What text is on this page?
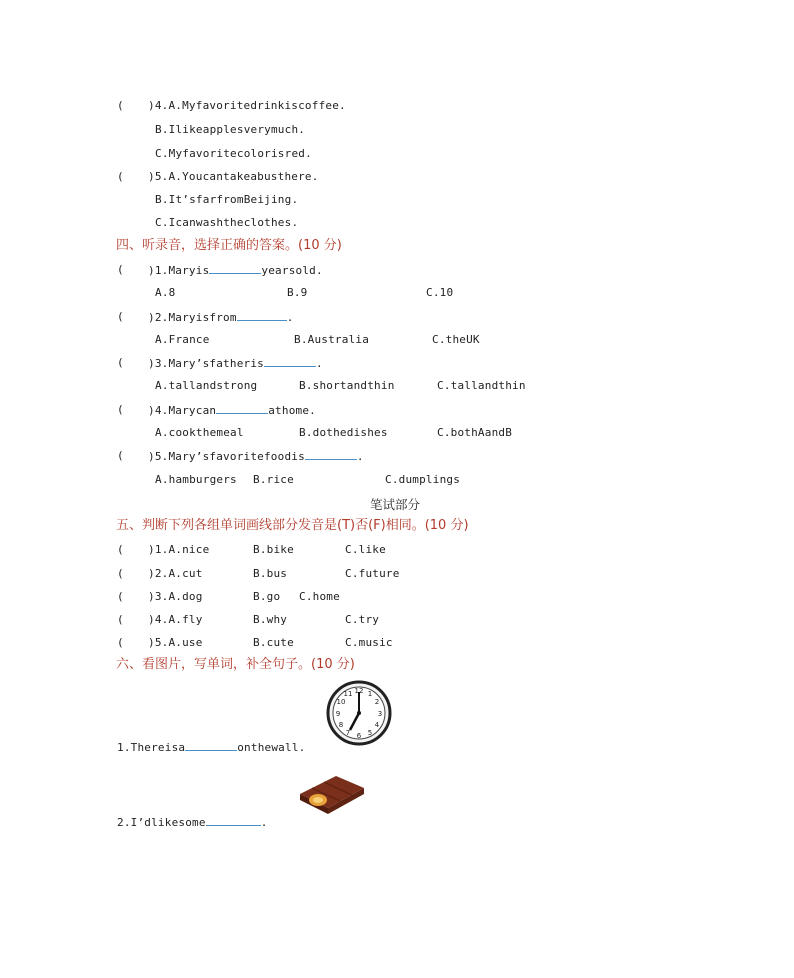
( )4.A.Myfavoritedrinkiscoffee.
B.Ilikeapplesverymuch.
C.Myfavoritecolorisred.
( )5.A.Youcantakeabusthere.
B.It’sfarfromBeijing.
C.Icanwashtheclothes.
四、听录音，选择正确的答案。(10 分)
( )1.Maryis	yearsold.
A.8	B.9	C.10
( )2.Maryisfrom	.
A.France	B.Australia	C.theUK
( )3.Mary’sfatheris	.
A.tallandstrong	B.shortandthin	C.tallandthin
( )4.Marycan	athome.
A.cookthemeal	B.dothedishes	C.bothAandB
( )5.Mary’sfavoritefoodis	.
A.hamburgers B.rice	C.dumplings
笔试部分
五、判断下列各组单词画线部分发音是(T)否(F)相同。(10 分)
( )1.A.nice	B.bike	C.like
( )2.A.cut	B.bus	C.future
( )3.A.dog	B.go C.home
( )4.A.fly	B.why	C.try
( )5.A.use	B.cute	C.music
六、看图片，写单词，补全句子。(10 分)
12 1
2
3
4
5
6
7
8
9
10
11
1.Thereisa	onthewall.
2.I’dlikesome	.
